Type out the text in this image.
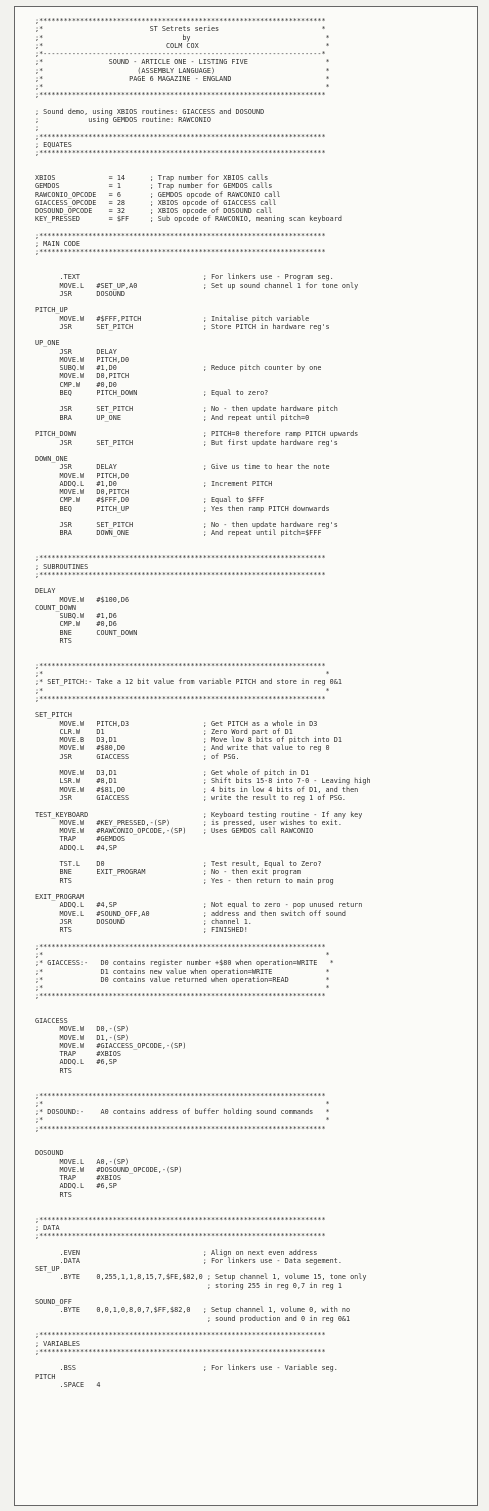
;**********************************************************************
;*                          ST Setrets series                         *
;*                                  by                                 *
;*                              COLM COX                               *
;*--------------------------------------------------------------------*
;*                SOUND - ARTICLE ONE - LISTING FIVE                   *
;*                       (ASSEMBLY LANGUAGE)                           *
;*                     PAGE 6 MAGAZINE - ENGLAND                       *
;*                                                                     *
;**********************************************************************
; Sound demo, using XBIOS routines: GIACCESS and DOSOUND
;            using GEMDOS routine: RAWCONIO
;
;**********************************************************************
; EQUATES
;**********************************************************************
XBIOS             = 14      ; Trap number for XBIOS calls
GEMDOS            = 1       ; Trap number for GEMDOS calls
RAWCONIO_OPCODE   = 6       ; GEMDOS opcode of RAWCONIO call
GIACCESS_OPCODE   = 28      ; XBIOS opcode of GIACCESS call
DOSOUND_OPCODE    = 32      ; XBIOS opcode of DOSOUND call
KEY_PRESSED       = $FF     ; Sub opcode of RAWCONIO, meaning scan keyboard
;**********************************************************************
; MAIN CODE
;**********************************************************************
.TEXT                              ; For linkers use - Program seg.
MOVE.L   #SET_UP,A0                ; Set up sound channel 1 for tone only
JSR      DOSOUND
PITCH_UP
MOVE.W   #$FFF,PITCH               ; Initalise pitch variable
JSR      SET_PITCH                 ; Store PITCH in hardware reg's
UP_ONE
JSR      DELAY
MOVE.W   PITCH,D0
SUBQ.W   #1,D0                     ; Reduce pitch counter by one
MOVE.W   D0,PITCH
CMP.W    #0,D0
BEQ      PITCH_DOWN                ; Equal to zero?
JSR      SET_PITCH                 ; No - then update hardware pitch
BRA      UP_ONE                    ; And repeat until pitch=0
PITCH_DOWN                               ; PITCH=0 therefore ramp PITCH upwards
JSR      SET_PITCH                 ; But first update hardware reg's
DOWN_ONE
JSR      DELAY                     ; Give us time to hear the note
MOVE.W   PITCH,D0
ADDQ.L   #1,D0                     ; Increment PITCH
MOVE.W   D0,PITCH
CMP.W    #$FFF,D0                  ; Equal to $FFF
BEQ      PITCH_UP                  ; Yes then ramp PITCH downwards
JSR      SET_PITCH                 ; No - then update hardware reg's
BRA      DOWN_ONE                  ; And repeat until pitch=$FFF
;**********************************************************************
; SUBROUTINES
;**********************************************************************
DELAY
MOVE.W   #$100,D6
COUNT_DOWN
SUBQ.W   #1,D6
CMP.W    #0,D6
BNE      COUNT_DOWN
RTS
;**********************************************************************
;*                                                                     *
;* SET_PITCH:- Take a 12 bit value from variable PITCH and store in reg 0&1
;*                                                                     *
;**********************************************************************
SET_PITCH
MOVE.W   PITCH,D3                  ; Get PITCH as a whole in D3
CLR.W    D1                        ; Zero Word part of D1
MOVE.B   D3,D1                     ; Move low 8 bits of pitch into D1
MOVE.W   #$80,D0                   ; And write that value to reg 0
JSR      GIACCESS                  ; of PSG.
MOVE.W   D3,D1                     ; Get whole of pitch in D1
LSR.W    #8,D1                     ; Shift bits 15-8 into 7-0 - Leaving high
MOVE.W   #$81,D0                   ; 4 bits in low 4 bits of D1, and then
JSR      GIACCESS                  ; write the result to reg 1 of PSG.
TEST_KEYBOARD                            ; Keyboard testing routine - If any key
MOVE.W   #KEY_PRESSED,-(SP)        ; is pressed, user wishes to exit.
MOVE.W   #RAWCONIO_OPCODE,-(SP)    ; Uses GEMDOS call RAWCONIO
TRAP     #GEMDOS
ADDQ.L   #4,SP
TST.L    D0                        ; Test result, Equal to Zero?
BNE      EXIT_PROGRAM              ; No - then exit program
RTS                                ; Yes - then return to main prog
EXIT_PROGRAM
ADDQ.L   #4,SP                     ; Not equal to zero - pop unused return
MOVE.L   #SOUND_OFF,A0             ; address and then switch off sound
JSR      DOSOUND                   ; channel 1.
RTS                                ; FINISHED!
;**********************************************************************
;*                                                                     *
;* GIACCESS:-   D0 contains register number +$80 when operation=WRITE   *
;*              D1 contains new value when operation=WRITE             *
;*              D0 contains value returned when operation=READ         *
;*                                                                     *
;**********************************************************************
GIACCESS
MOVE.W   D0,-(SP)
MOVE.W   D1,-(SP)
MOVE.W   #GIACCESS_OPCODE,-(SP)
TRAP     #XBIOS
ADDQ.L   #6,SP
RTS
;**********************************************************************
;*                                                                     *
;* DOSOUND:-    A0 contains address of buffer holding sound commands   *
;*                                                                     *
;**********************************************************************
DOSOUND
MOVE.L   A0,-(SP)
MOVE.W   #DOSOUND_OPCODE,-(SP)
TRAP     #XBIOS
ADDQ.L   #6,SP
RTS
;**********************************************************************
; DATA
;**********************************************************************
.EVEN                              ; Align on next even address
.DATA                              ; For linkers use - Data segement.
SET_UP
.BYTE    0,255,1,1,8,15,7,$FE,$82,0 ; Setup channel 1, volume 15, tone only
; storing 255 in reg 0,7 in reg 1
SOUND_OFF
.BYTE    0,0,1,0,8,0,7,$FF,$82,0   ; Setup channel 1, volume 0, with no
; sound production and 0 in reg 0&1
;**********************************************************************
; VARIABLES
;**********************************************************************
.BSS                               ; For linkers use - Variable seg.
PITCH
.SPACE   4
